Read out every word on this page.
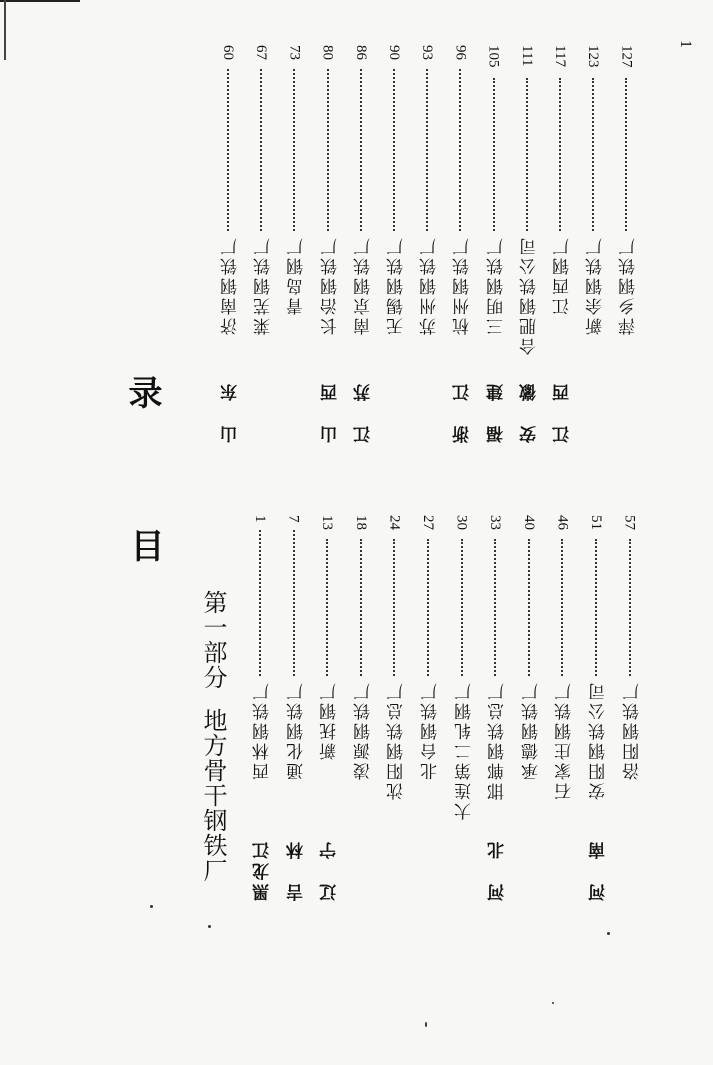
目
录
第一部分地方骨干钢铁厂 黑龙江
西林钢铁厂
1
吉　林
通化钢铁厂
7
辽　宁
新抚钢厂
13
凌源钢铁厂
18
沈阳钢铁总厂
24
北台钢铁厂
27
大连第二轧钢厂
30
河　北
邯郸钢铁总厂
33
承德钢铁厂
40
石家庄钢铁厂
46
河　南
安阳钢铁公司
51
洛阳钢铁厂
57
山　东
济南钢铁厂
60
莱芜钢铁厂
67
青岛钢厂
73
山　西
长治钢铁厂
80
江　苏
南京钢铁厂
86
无锡钢铁厂
90
苏州钢铁厂
93
浙　江
杭州钢铁厂
96
福　建
三明钢铁厂
105
安　徽
合肥钢铁公司
111
江　西
江西钢厂
117
新余钢铁厂
123
萍乡钢铁厂
127
1
